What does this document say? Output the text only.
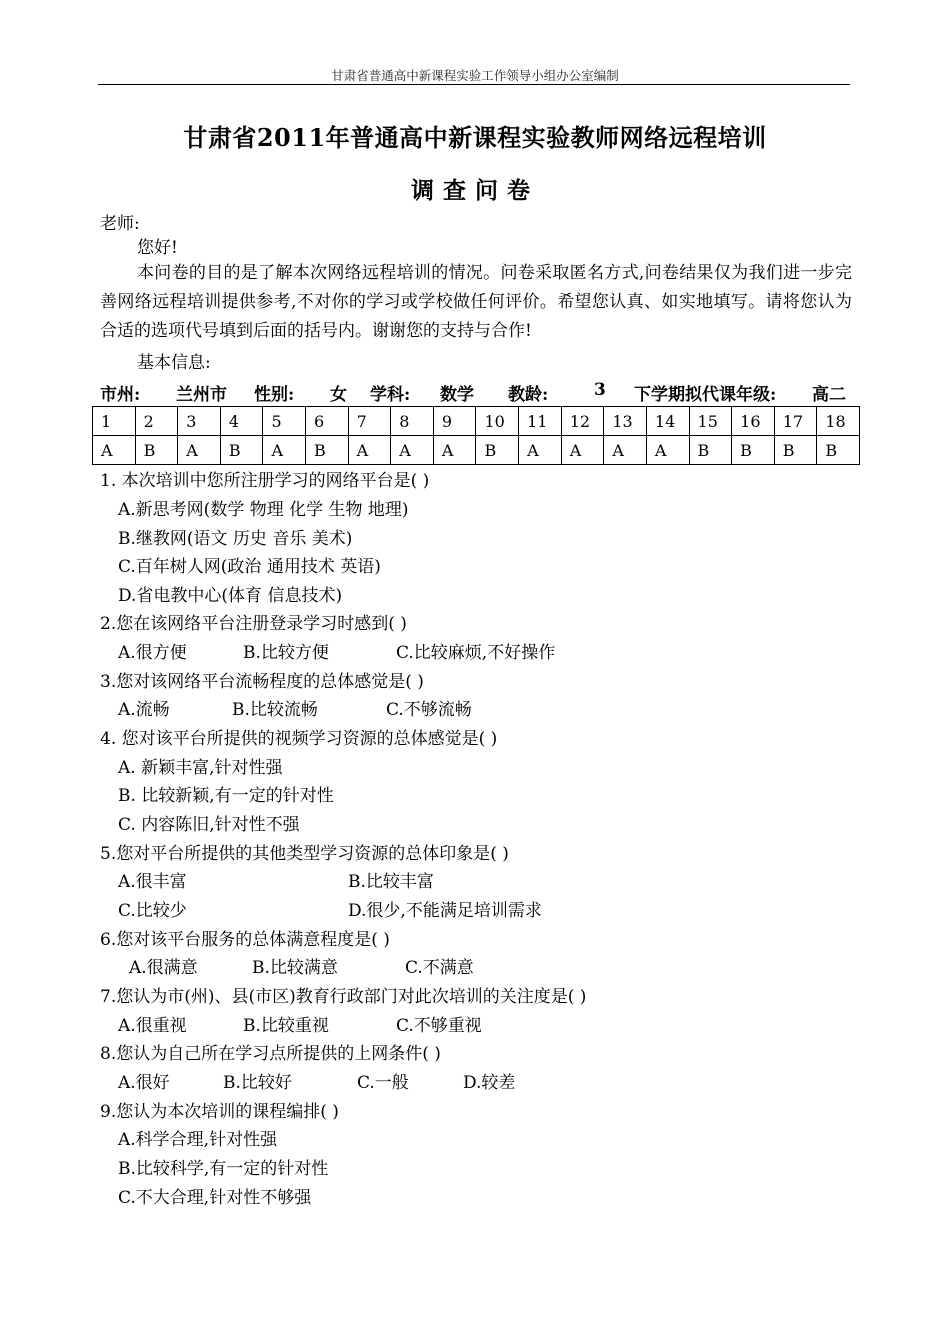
甘肃省普通高中新课程实验工作领导小组办公室编制
甘肃省2011年普通高中新课程实验教师网络远程培训
调查问卷
老师:
您好!
本问卷的目的是了解本次网络远程培训的情况。问卷采取匿名方式,问卷结果仅为我们进一步完善网络远程培训提供参考,不对你的学习或学校做任何评价。希望您认真、如实地填写。请将您认为合适的选项代号填到后面的括号内。谢谢您的支持与合作!
基本信息:
市州: 兰州市 性别: 女 学科: 数学 教龄:	3 下学期拟代课年级: 高二
1	2	3	4	5	6	7	8	9	10	11	12	13	14	15	16	17	18
A	B	A	B	A	B	A	A	A	B	A	A	A	A	B	B	B	B
1. 本次培训中您所注册学习的网络平台是( )
A.新思考网(数学 物理 化学 生物 地理)
B.继教网(语文 历史 音乐 美术)
C.百年树人网(政治 通用技术 英语)
D.省电教中心(体育 信息技术)
2.您在该网络平台注册登录学习时感到( )
A.很方便	B.比较方便	C.比较麻烦,不好操作
3.您对该网络平台流畅程度的总体感觉是( )
A.流畅	B.比较流畅	C.不够流畅
4. 您对该平台所提供的视频学习资源的总体感觉是( )
A. 新颖丰富,针对性强
B. 比较新颖,有一定的针对性
C. 内容陈旧,针对性不强
5.您对平台所提供的其他类型学习资源的总体印象是( )
A.很丰富	B.比较丰富
C.比较少	D.很少,不能满足培训需求
6.您对该平台服务的总体满意程度是( )
A.很满意	B.比较满意	C.不满意
7.您认为市(州)、县(市区)教育行政部门对此次培训的关注度是( )
A.很重视	B.比较重视	C.不够重视
8.您认为自己所在学习点所提供的上网条件( )
A.很好	B.比较好	C.一般	D.较差
9.您认为本次培训的课程编排( )
A.科学合理,针对性强
B.比较科学,有一定的针对性
C.不大合理,针对性不够强
